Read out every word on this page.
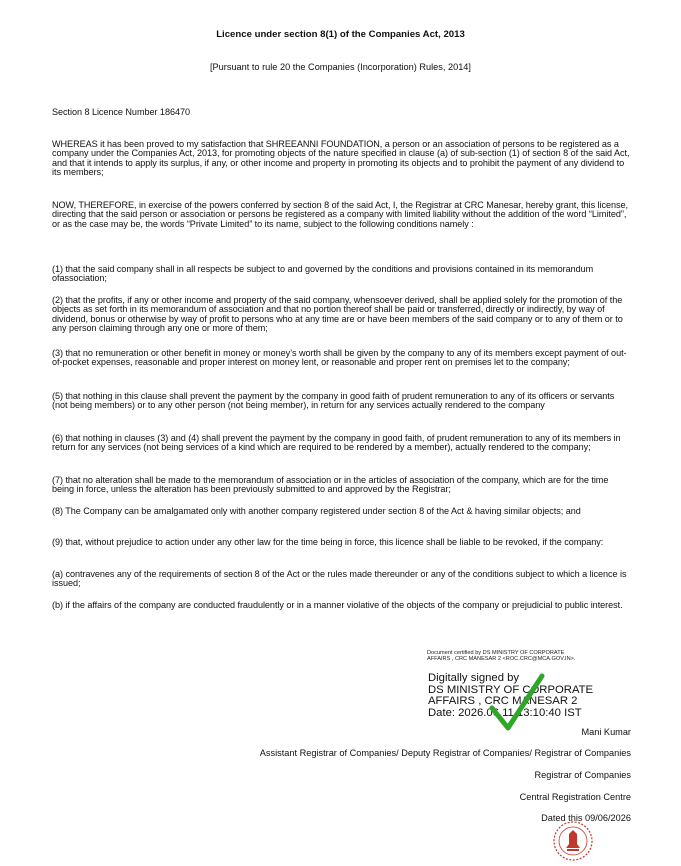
Licence under section 8(1) of the Companies Act, 2013
[Pursuant to rule 20 the Companies (Incorporation) Rules, 2014]
Section 8 Licence Number 186470
WHEREAS it has been proved to my satisfaction that SHREEANNI FOUNDATION, a person or an association of persons to be registered as a company under the Companies Act, 2013, for promoting objects of the nature specified in clause (a) of sub-section (1) of section 8 of the said Act, and that it intends to apply its surplus, if any, or other income and property in promoting its objects and to prohibit the payment of any dividend to its members;
NOW, THEREFORE, in exercise of the powers conferred by section 8 of the said Act, I, the Registrar at CRC Manesar, hereby grant, this license, directing that the said person or association or persons be registered as a company with limited liability without the addition of the word “Limited”, or as the case may be, the words “Private Limited” to its name, subject to the following conditions namely :
(1) that the said company shall in all respects be subject to and governed by the conditions and provisions contained in its memorandum ofassociation;
(2) that the profits, if any or other income and property of the said company, whensoever derived, shall be applied solely for the promotion of the objects as set forth in its memorandum of association and that no portion thereof shall be paid or transferred, directly or indirectly, by way of dividend, bonus or otherwise by way of profit to persons who at any time are or have been members of the said company or to any of them or to any person claiming through any one or more of them;
(3) that no remuneration or other benefit in money or money’s worth shall be given by the company to any of its members except payment of out-of-pocket expenses, reasonable and proper interest on money lent, or reasonable and proper rent on premises let to the company;
(5) that nothing in this clause shall prevent the payment by the company in good faith of prudent remuneration to any of its officers or servants (not being members) or to any other person (not being member), in return for any services actually rendered to the company
(6) that nothing in clauses (3) and (4) shall prevent the payment by the company in good faith, of prudent remuneration to any of its members in return for any services (not being services of a kind which are required to be rendered by a member), actually rendered to the company;
(7) that no alteration shall be made to the memorandum of association or in the articles of association of the company, which are for the time being in force, unless the alteration has been previously submitted to and approved by the Registrar;
(8) The Company can be amalgamated only with another company registered under section 8 of the Act & having similar objects; and
(9) that, without prejudice to action under any other law for the time being in force, this licence shall be liable to be revoked, if the company:
(a) contravenes any of the requirements of section 8 of the Act or the rules made thereunder or any of the conditions subject to which a licence is issued;
(b) if the affairs of the company are conducted fraudulently or in a manner violative of the objects of the company or prejudicial to public interest.
Document certified by DS MINISTRY OF CORPORATE
AFFAIRS , CRC MANESAR 2 <ROC.CRC@MCA.GOV.IN>.
Digitally signed by
DS MINISTRY OF CORPORATE
AFFAIRS , CRC MANESAR 2
Date: 2026.06.11 13:10:40 IST
Mani Kumar
Assistant Registrar of Companies/ Deputy Registrar of Companies/ Registrar of Companies
Registrar of Companies
Central Registration Centre
Dated this 09/06/2026
